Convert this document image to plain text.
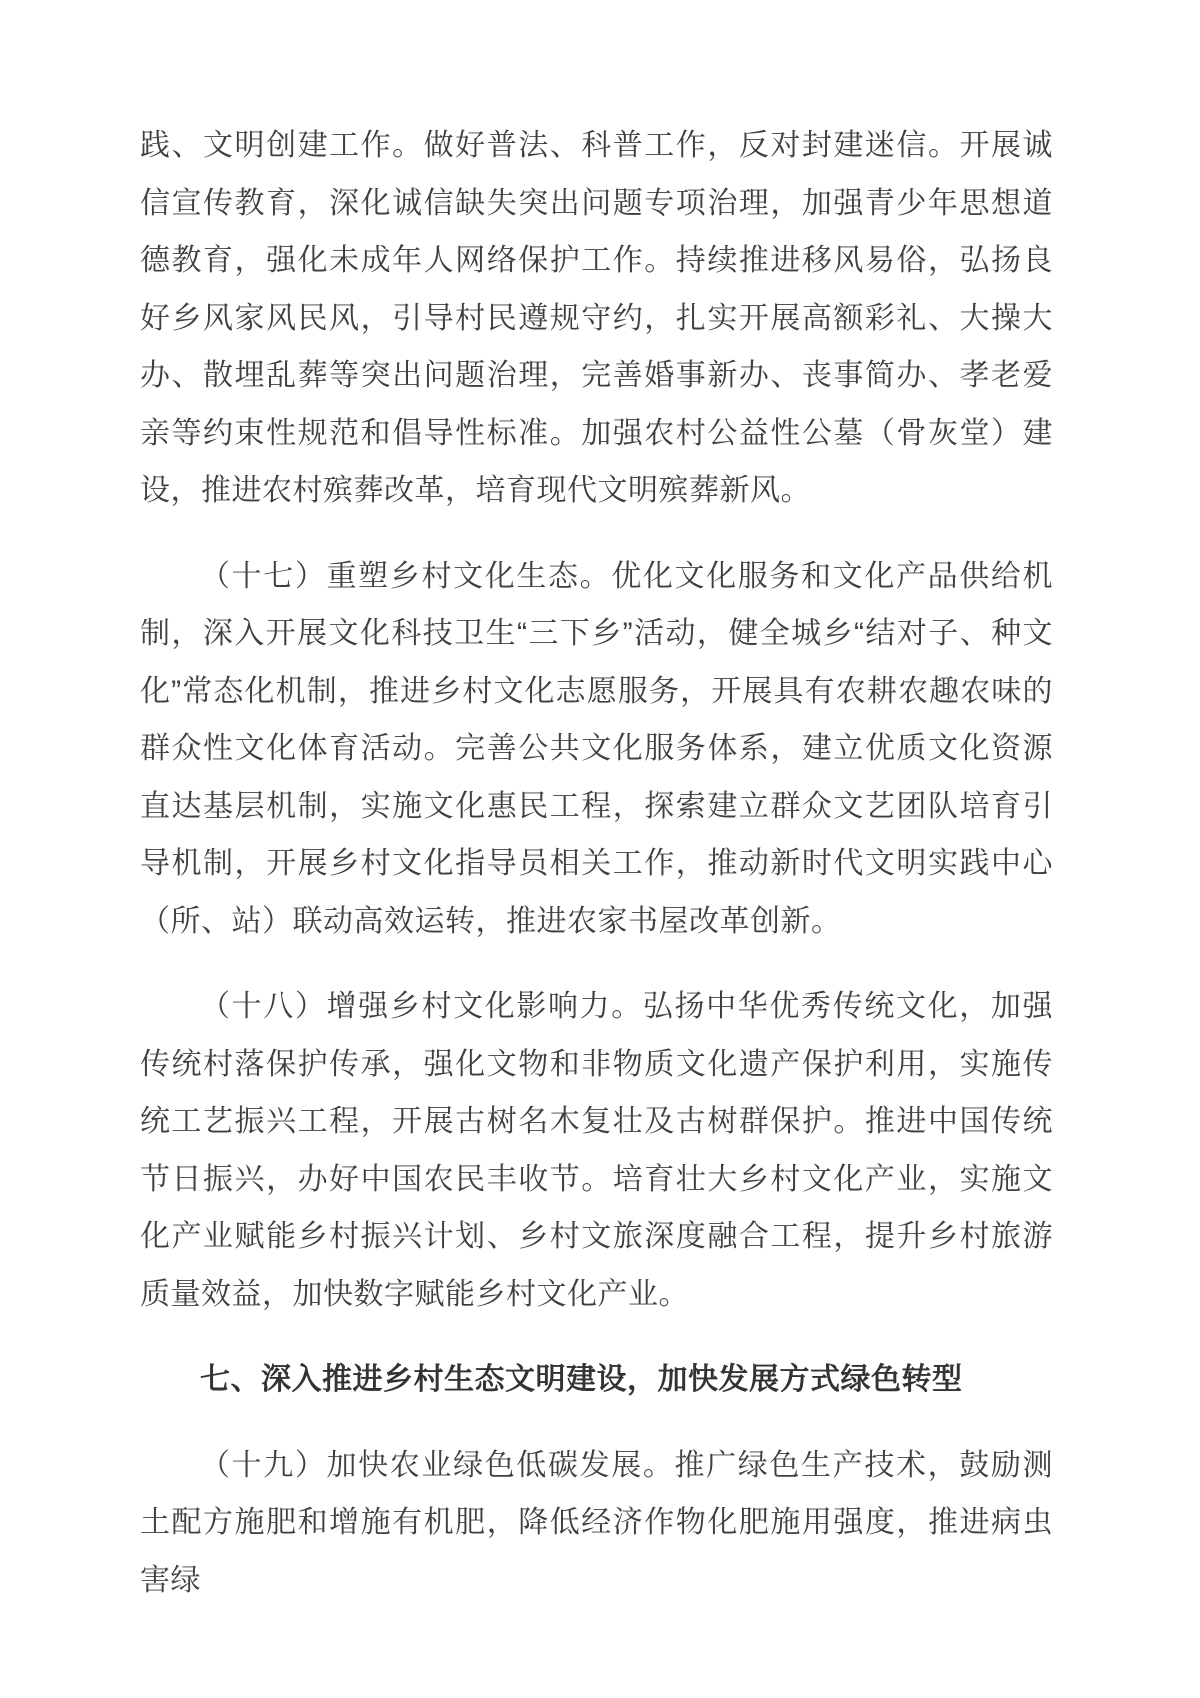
践、文明创建工作。做好普法、科普工作，反对封建迷信。开展诚信宣传教育，深化诚信缺失突出问题专项治理，加强青少年思想道德教育，强化未成年人网络保护工作。持续推进移风易俗，弘扬良好乡风家风民风，引导村民遵规守约，扎实开展高额彩礼、大操大办、散埋乱葬等突出问题治理，完善婚事新办、丧事简办、孝老爱亲等约束性规范和倡导性标准。加强农村公益性公墓（骨灰堂）建设，推进农村殡葬改革，培育现代文明殡葬新风。

（十七）重塑乡村文化生态。优化文化服务和文化产品供给机制，深入开展文化科技卫生“三下乡”活动，健全城乡“结对子、种文化”常态化机制，推进乡村文化志愿服务，开展具有农耕农趣农味的群众性文化体育活动。完善公共文化服务体系，建立优质文化资源直达基层机制，实施文化惠民工程，探索建立群众文艺团队培育引导机制，开展乡村文化指导员相关工作，推动新时代文明实践中心（所、站）联动高效运转，推进农家书屋改革创新。

（十八）增强乡村文化影响力。弘扬中华优秀传统文化，加强传统村落保护传承，强化文物和非物质文化遗产保护利用，实施传统工艺振兴工程，开展古树名木复壮及古树群保护。推进中国传统节日振兴，办好中国农民丰收节。培育壮大乡村文化产业，实施文化产业赋能乡村振兴计划、乡村文旅深度融合工程，提升乡村旅游质量效益，加快数字赋能乡村文化产业。

七、深入推进乡村生态文明建设，加快发展方式绿色转型

（十九）加快农业绿色低碳发展。推广绿色生产技术，鼓励测土配方施肥和增施有机肥，降低经济作物化肥施用强度，推进病虫害绿
